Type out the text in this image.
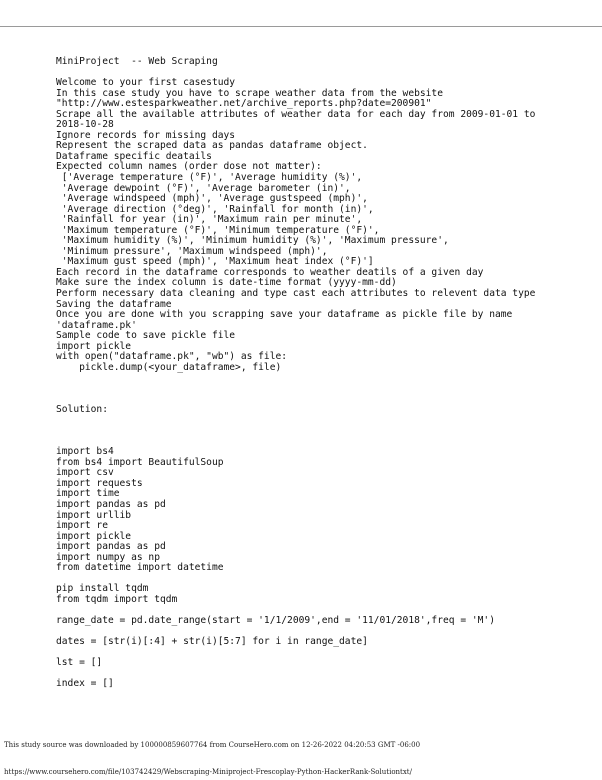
MiniProject  -- Web Scraping
Welcome to your first casestudy
In this case study you have to scrape weather data from the website
"http://www.estesparkweather.net/archive_reports.php?date=200901"
Scrape all the available attributes of weather data for each day from 2009-01-01 to
2018-10-28
Ignore records for missing days
Represent the scraped data as pandas dataframe object.
Dataframe specific deatails
Expected column names (order dose not matter):
['Average temperature (°F)', 'Average humidity (%)',
'Average dewpoint (°F)', 'Average barometer (in)',
'Average windspeed (mph)', 'Average gustspeed (mph)',
'Average direction (°deg)', 'Rainfall for month (in)',
'Rainfall for year (in)', 'Maximum rain per minute',
'Maximum temperature (°F)', 'Minimum temperature (°F)',
'Maximum humidity (%)', 'Minimum humidity (%)', 'Maximum pressure',
'Minimum pressure', 'Maximum windspeed (mph)',
'Maximum gust speed (mph)', 'Maximum heat index (°F)']
Each record in the dataframe corresponds to weather deatils of a given day
Make sure the index column is date-time format (yyyy-mm-dd)
Perform necessary data cleaning and type cast each attributes to relevent data type
Saving the dataframe
Once you are done with you scrapping save your dataframe as pickle file by name
'dataframe.pk'
Sample code to save pickle file
import pickle
with open("dataframe.pk", "wb") as file:
pickle.dump(<your_dataframe>, file)
Solution:
import bs4
from bs4 import BeautifulSoup
import csv
import requests
import time
import pandas as pd
import urllib
import re
import pickle
import pandas as pd
import numpy as np
from datetime import datetime
pip install tqdm
from tqdm import tqdm
range_date = pd.date_range(start = '1/1/2009',end = '11/01/2018',freq = 'M')
dates = [str(i)[:4] + str(i)[5:7] for i in range_date]
lst = []
index = []
This study source was downloaded by 100000859607764 from CourseHero.com on 12-26-2022 04:20:53 GMT -06:00
https://www.coursehero.com/file/103742429/Webscraping-Miniproject-Frescoplay-Python-HackerRank-Solutiontxt/
